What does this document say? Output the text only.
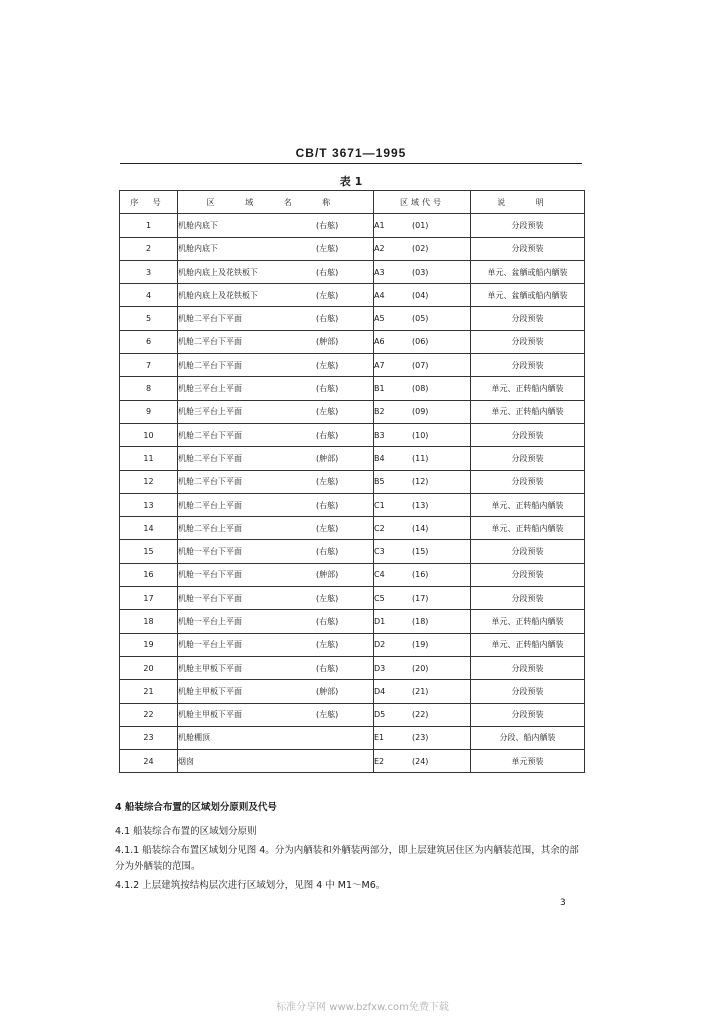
CB/T 3671—1995
表 1
序 号	区 域 名 称	区域代号	说 明
1	机舱内底下 (右舷)	A1 (01)	分段预装
2	机舱内底下 (左舷)	A2 (02)	分段预装
3	机舱内底上及花铁板下 (右舷)	A3 (03)	单元、盆舾或船内舾装
4	机舱内底上及花铁板下 (左舷)	A4 (04)	单元、盆舾或船内舾装
5	机舱二平台下平面 (右舷)	A5 (05)	分段预装
6	机舱二平台下平面 (舯部)	A6 (06)	分段预装
7	机舱二平台下平面 (左舷)	A7 (07)	分段预装
8	机舱三平台上平面 (右舷)	B1 (08)	单元、正转船内舾装
9	机舱三平台上平面 (左舷)	B2 (09)	单元、正转船内舾装
10	机舱二平台下平面 (右舷)	B3 (10)	分段预装
11	机舱二平台下平面 (舯部)	B4 (11)	分段预装
12	机舱二平台下平面 (左舷)	B5 (12)	分段预装
13	机舱二平台上平面 (右舷)	C1 (13)	单元、正转船内舾装
14	机舱二平台上平面 (左舷)	C2 (14)	单元、正转船内舾装
15	机舱一平台下平面 (右舷)	C3 (15)	分段预装
16	机舱一平台下平面 (舯部)	C4 (16)	分段预装
17	机舱一平台下平面 (左舷)	C5 (17)	分段预装
18	机舱一平台上平面 (右舷)	D1 (18)	单元、正转船内舾装
19	机舱一平台上平面 (左舷)	D2 (19)	单元、正转船内舾装
20	机舱主甲板下平面 (右舷)	D3 (20)	分段预装
21	机舱主甲板下平面 (舯部)	D4 (21)	分段预装
22	机舱主甲板下平面 (左舷)	D5 (22)	分段预装
23	机舱棚顶	E1 (23)	分段、船内舾装
24	烟囱	E2 (24)	单元预装
4 船装综合布置的区域划分原则及代号
4.1 船装综合布置的区域划分原则
4.1.1 船装综合布置区域划分见图 4。分为内舾装和外舾装两部分，即上层建筑居住区为内舾装范围，其余的部分为外舾装的范围。
4.1.2 上层建筑按结构层次进行区域划分，见图 4 中 M1～M6。
3
标准分享网 www.bzfxw.com免费下载
